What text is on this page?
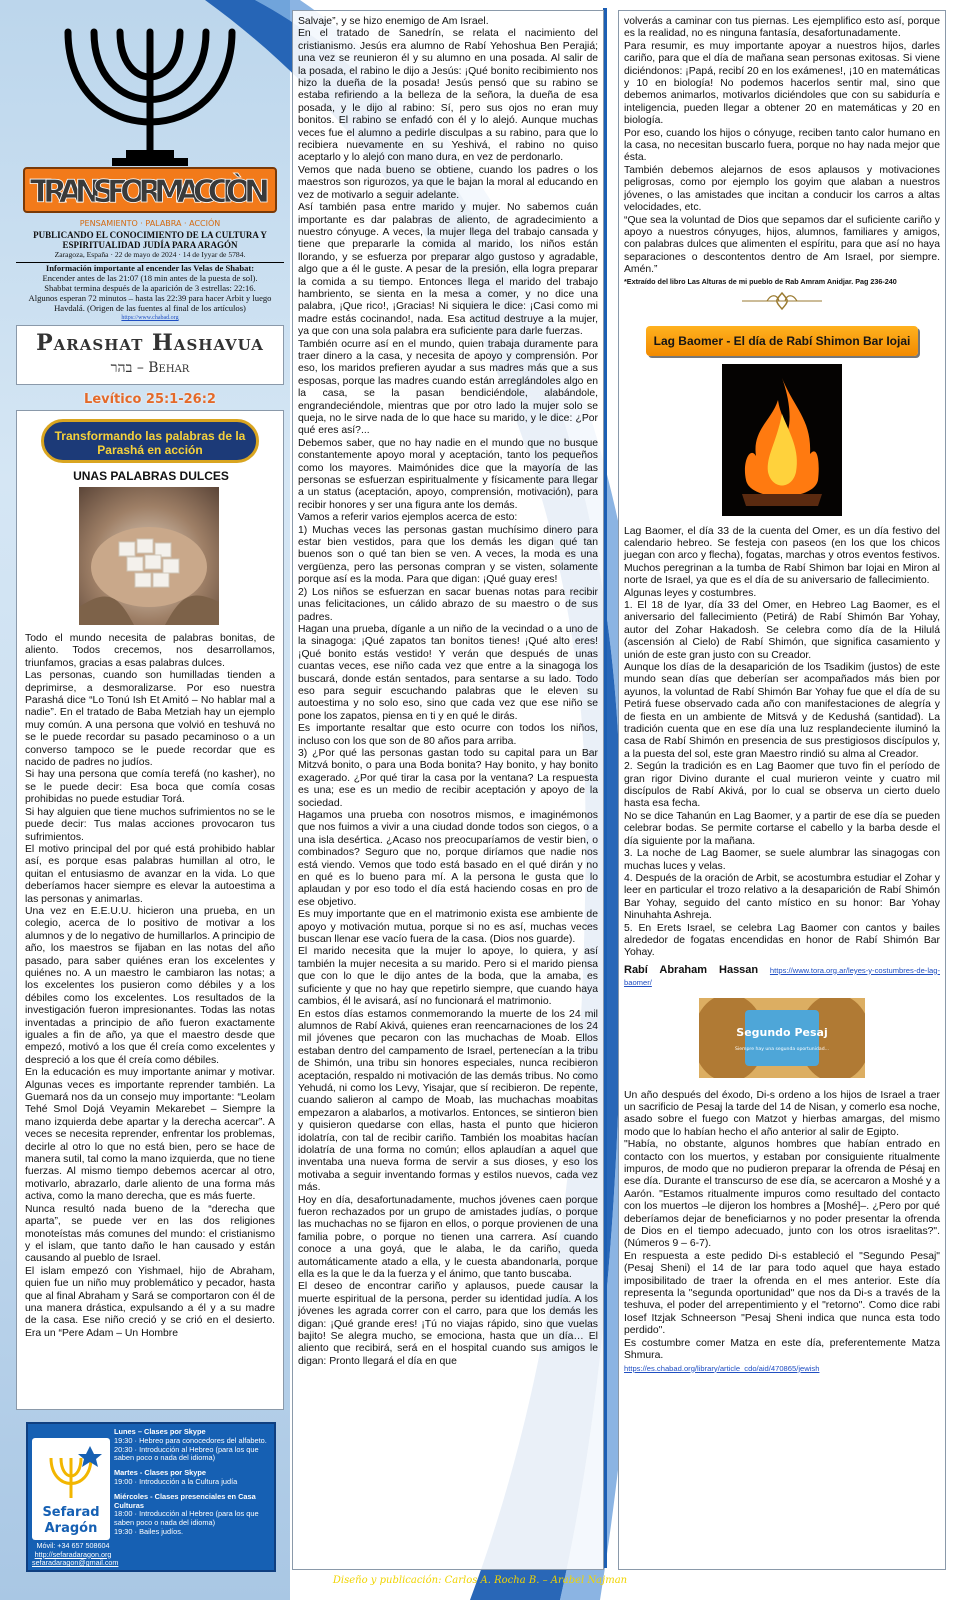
TRANSFORMACCIÒN
PENSAMIENTO · PALABRA · ACCIÓN
PUBLICANDO EL CONOCIMIENTO DE LA CULTURA Y ESPIRITUALIDAD JUDÍA PARA ARAGÓN
Zaragoza, España · 22 de mayo de 2024 · 14 de Iyyar de 5784.
Información importante al encender las Velas de Shabat:
Encender antes de las 21:07 (18 min antes de la puesta de sol).
Shabbat termina después de la aparición de 3 estrellas: 22:16.
Algunos esperan 72 minutos – hasta las 22:39 para hacer Arbit y luego Havdalá. (Origen de las fuentes al final de los artículos)
https://www.chabad.org
Parashat Hashavua
בהר – Behar
Levítico 25:1-26:2
Transformando las palabras de la Parashá en acción
UNAS PALABRAS DULCES

Todo el mundo necesita de palabras bonitas, de aliento. Todos crecemos, nos desarrollamos, triunfamos, gracias a esas palabras dulces.

Las personas, cuando son humilladas tienden a deprimirse, a desmoralizarse. Por eso nuestra Parashá dice “Lo Tonú Ish Et Amitó – No hablar mal a nadie”. En el tratado de Baba Metziah hay un ejemplo muy común. A una persona que volvió en teshuvá no se le puede recordar su pasado pecaminoso o a un converso tampoco se le puede recordar que es nacido de padres no judíos.

Si hay una persona que comía terefá (no kasher), no se le puede decir: Esa boca que comía cosas prohibidas no puede estudiar Torá.

Si hay alguien que tiene muchos sufrimientos no se le puede decir: Tus malas acciones provocaron tus sufrimientos.

El motivo principal del por qué está prohibido hablar así, es porque esas palabras humillan al otro, le quitan el entusiasmo de avanzar en la vida. Lo que deberíamos hacer siempre es elevar la autoestima a las personas y animarlas.

Una vez en E.E.U.U. hicieron una prueba, en un colegio, acerca de lo positivo de motivar a los alumnos y de lo negativo de humillarlos. A principio de año, los maestros se fijaban en las notas del año pasado, para saber quiénes eran los excelentes y quiénes no. A un maestro le cambiaron las notas; a los excelentes los pusieron como débiles y a los débiles como los excelentes. Los resultados de la investigación fueron impresionantes. Todas las notas inventadas a principio de año fueron exactamente iguales a fin de año, ya que el maestro desde que empezó, motivó a los que él creía como excelentes y despreció a los que él creía como débiles.

En la educación es muy importante animar y motivar. Algunas veces es importante reprender también. La Guemará nos da un consejo muy importante: “Leolam Tehé Smol Dojá Veyamin Mekarebet – Siempre la mano izquierda debe apartar y la derecha acercar”. A veces se necesita reprender, enfrentar los problemas, decirle al otro lo que no está bien, pero se hace de manera sutil, tal como la mano izquierda, que no tiene fuerzas. Al mismo tiempo debemos acercar al otro, motivarlo, abrazarlo, darle aliento de una forma más activa, como la mano derecha, que es más fuerte.

Nunca resultó nada bueno de la “derecha que aparta”, se puede ver en las dos religiones monoteístas más comunes del mundo: el cristianismo y el islam, que tanto daño le han causado y están causando al pueblo de Israel.

El islam empezó con Yishmael, hijo de Abraham, quien fue un niño muy problemático y pecador, hasta que al final Abraham y Sará se comportaron con él de una manera drástica, expulsando a él y a su madre de la casa. Ese niño creció y se crió en el desierto. Era un “Pere Adam – Un Hombre

Sefarad
Aragón
Lunes – Clases por Skype
19:30 · Hebreo para conocedores del alfabeto.
20:30 · Introducción al Hebreo (para los que saben poco o nada del idioma)
Martes - Clases por Skype
19:00 · Introducción a la Cultura judía
Miércoles - Clases presenciales en Casa Culturas
18:00 · Introducción al Hebreo (para los que saben poco o nada del idioma)
19:30 · Bailes judíos.
Móvil: +34 657 508604
http://sefaradaragon.org
sefaradaragon@gmail.com

Salvaje”, y se hizo enemigo de Am Israel.

En el tratado de Sanedrín, se relata el nacimiento del cristianismo. Jesús era alumno de Rabí Yehoshua Ben Perajiá; una vez se reunieron él y su alumno en una posada. Al salir de la posada, el rabino le dijo a Jesús: ¡Qué bonito recibimiento nos hizo la dueña de la posada! Jesús pensó que su rabino se estaba refiriendo a la belleza de la señora, la dueña de esa posada, y le dijo al rabino: Sí, pero sus ojos no eran muy bonitos. El rabino se enfadó con él y lo alejó. Aunque muchas veces fue el alumno a pedirle disculpas a su rabino, para que lo recibiera nuevamente en su Yeshivá, el rabino no quiso aceptarlo y lo alejó con mano dura, en vez de perdonarlo.

Vemos que nada bueno se obtiene, cuando los padres o los maestros son rigurozos, ya que le bajan la moral al educando en vez de motivarlo a seguir adelante.

Así también pasa entre marido y mujer. No sabemos cuán importante es dar palabras de aliento, de agradecimiento a nuestro cónyuge. A veces, la mujer llega del trabajo cansada y tiene que prepararle la comida al marido, los niños están llorando, y se esfuerza por preparar algo gustoso y agradable, algo que a él le guste. A pesar de la presión, ella logra preparar la comida a su tiempo. Entonces llega el marido del trabajo hambriento, se sienta en la mesa a comer, y no dice una palabra, ¡Que rico!, ¡Gracias! Ni siquiera le dice: ¡Casi como mi madre estás cocinando!, nada. Esa actitud destruye a la mujer, ya que con una sola palabra era suficiente para darle fuerzas.

También ocurre así en el mundo, quien trabaja duramente para traer dinero a la casa, y necesita de apoyo y comprensión. Por eso, los maridos prefieren ayudar a sus madres más que a sus esposas, porque las madres cuando están arreglándoles algo en la casa, se la pasan bendiciéndole, alabándole, engrandeciéndole, mientras que por otro lado la mujer solo se queja, no le sirve nada de lo que hace su marido, y le dice: ¿Por qué eres así?...

Debemos saber, que no hay nadie en el mundo que no busque constantemente apoyo moral y aceptación, tanto los pequeños como los mayores. Maimónides dice que la mayoría de las personas se esfuerzan espiritualmente y físicamente para llegar a un status (aceptación, apoyo, comprensión, motivación), para recibir honores y ser una figura ante los demás.

Vamos a referir varios ejemplos acerca de esto:

1) Muchas veces las personas gastan muchísimo dinero para estar bien vestidos, para que los demás les digan qué tan buenos son o qué tan bien se ven. A veces, la moda es una vergüenza, pero las personas compran y se visten, solamente porque así es la moda. Para que digan: ¡Qué guay eres!

2) Los niños se esfuerzan en sacar buenas notas para recibir unas felicitaciones, un cálido abrazo de su maestro o de sus padres.

Hagan una prueba, díganle a un niño de la vecindad o a uno de la sinagoga: ¡Qué zapatos tan bonitos tienes! ¡Qué alto eres! ¡Qué bonito estás vestido! Y verán que después de unas cuantas veces, ese niño cada vez que entre a la sinagoga los buscará, donde están sentados, para sentarse a su lado. Todo eso para seguir escuchando palabras que le eleven su autoestima y no solo eso, sino que cada vez que ese niño se pone los zapatos, piensa en ti y en qué le dirás.

Es importante resaltar que esto ocurre con todos los niños, incluso con los que son de 80 años para arriba.

3) ¿Por qué las personas gastan todo su capital para un Bar Mitzvá bonito, o para una Boda bonita? Hay bonito, y hay bonito exagerado. ¿Por qué tirar la casa por la ventana? La respuesta es una; ese es un medio de recibir aceptación y apoyo de la sociedad.

Hagamos una prueba con nosotros mismos, e imaginémonos que nos fuimos a vivir a una ciudad donde todos son ciegos, o a una isla desértica. ¿Acaso nos preocuparíamos de vestir bien, o combinados? Seguro que no, porque diríamos que nadie nos está viendo. Vemos que todo está basado en el qué dirán y no en qué es lo bueno para mí. A la persona le gusta que lo aplaudan y por eso todo el día está haciendo cosas en pro de ese objetivo.

Es muy importante que en el matrimonio exista ese ambiente de apoyo y motivación mutua, porque si no es así, muchas veces buscan llenar ese vacío fuera de la casa. (Dios nos guarde).

El marido necesita que la mujer lo apoye, lo quiera, y así también la mujer necesita a su marido. Pero si el marido piensa que con lo que le dijo antes de la boda, que la amaba, es suficiente y que no hay que repetirlo siempre, que cuando haya cambios, él le avisará, así no funcionará el matrimonio.

En estos días estamos conmemorando la muerte de los 24 mil alumnos de Rabí Akivá, quienes eran reencarnaciones de los 24 mil jóvenes que pecaron con las muchachas de Moab. Ellos estaban dentro del campamento de Israel, pertenecían a la tribu de Shimón, una tribu sin honores especiales, nunca recibieron aceptación, respaldo ni motivación de las demás tribus. No como Yehudá, ni como los Levy, Yisajar, que sí recibieron. De repente, cuando salieron al campo de Moab, las muchachas moabitas empezaron a alabarlos, a motivarlos. Entonces, se sintieron bien y quisieron quedarse con ellas, hasta el punto que hicieron idolatría, con tal de recibir cariño. También los moabitas hacían idolatría de una forma no común; ellos aplaudían a aquel que inventaba una nueva forma de servir a sus dioses, y eso los motivaba a seguir inventando formas y estilos nuevos, cada vez más.

Hoy en día, desafortunadamente, muchos jóvenes caen porque fueron rechazados por un grupo de amistades judías, o porque las muchachas no se fijaron en ellos, o porque provienen de una familia pobre, o porque no tienen una carrera. Así cuando conoce a una goyá, que le alaba, le da cariño, queda automáticamente atado a ella, y le cuesta abandonarla, porque ella es la que le da la fuerza y el ánimo, que tanto buscaba.

El deseo de encontrar cariño y aplausos, puede causar la muerte espiritual de la persona, perder su identidad judía. A los jóvenes les agrada correr con el carro, para que los demás les digan: ¡Qué grande eres! ¡Tú no viajas rápido, sino que vuelas bajito! Se alegra mucho, se emociona, hasta que un día… El aliento que recibirá, será en el hospital cuando sus amigos le digan: Pronto llegará el día en que

volverás a caminar con tus piernas. Les ejemplifico esto así, porque es la realidad, no es ninguna fantasía, desafortunadamente.

Para resumir, es muy importante apoyar a nuestros hijos, darles cariño, para que el día de mañana sean personas exitosas. Si viene diciéndonos: ¡Papá, recibí 20 en los exámenes!, ¡10 en matemáticas y 10 en biología! No podemos hacerlos sentir mal, sino que debemos animarlos, motivarlos diciéndoles que con su sabiduría e inteligencia, pueden llegar a obtener 20 en matemáticas y 20 en biología.

Por eso, cuando los hijos o cónyuge, reciben tanto calor humano en la casa, no necesitan buscarlo fuera, porque no hay nada mejor que ésta.

También debemos alejarnos de esos aplausos y motivaciones peligrosas, como por ejemplo los goyim que alaban a nuestros jóvenes, o las amistades que incitan a conducir los carros a altas velocidades, etc.

“Que sea la voluntad de Dios que sepamos dar el suficiente cariño y apoyo a nuestros cónyuges, hijos, alumnos, familiares y amigos, con palabras dulces que alimenten el espíritu, para que así no haya separaciones o descontentos dentro de Am Israel, por siempre. Amén.”

*Extraído del libro Las Alturas de mi pueblo de Rab Amram Anidjar. Pag 236-240
Lag Baomer - El día de Rabí Shimon Bar Iojai

Lag Baomer, el día 33 de la cuenta del Omer, es un día festivo del calendario hebreo. Se festeja con paseos (en los que los chicos juegan con arco y flecha), fogatas, marchas y otros eventos festivos. Muchos peregrinan a la tumba de Rabí Shimon bar Iojai en Miron al norte de Israel, ya que es el día de su aniversario de fallecimiento.

Algunas leyes y costumbres.

1. El 18 de Iyar, día 33 del Omer, en Hebreo Lag Baomer, es el aniversario del fallecimiento (Petirá) de Rabí Shimón Bar Yohay, autor del Zohar Hakadosh. Se celebra como día de la Hilulá (ascensión al Cielo) de Rabí Shimón, que significa casamiento y unión de este gran justo con su Creador.

Aunque los días de la desaparición de los Tsadikim (justos) de este mundo sean días que deberían ser acompañados más bien por ayunos, la voluntad de Rabí Shimón Bar Yohay fue que el día de su Petirá fuese observado cada año con manifestaciones de alegría y de fiesta en un ambiente de Mitsvá y de Kedushá (santidad). La tradición cuenta que en ese día una luz resplandeciente iluminó la casa de Rabí Shimón en presencia de sus prestigiosos discípulos y, a la puesta del sol, este gran Maestro rindió su alma al Creador.

2. Según la tradición es en Lag Baomer que tuvo fin el período de gran rigor Divino durante el cual murieron veinte y cuatro mil discípulos de Rabí Akivá, por lo cual se observa un cierto duelo hasta esa fecha.

No se dice Tahanún en Lag Baomer, y a partir de ese día se pueden celebrar bodas. Se permite cortarse el cabello y la barba desde el día siguiente por la mañana.

3. La noche de Lag Baomer, se suele alumbrar las sinagogas con muchas luces y velas.

4. Después de la oración de Arbit, se acostumbra estudiar el Zohar y leer en particular el trozo relativo a la desaparición de Rabí Shimón Bar Yohay, seguido del canto místico en su honor: Bar Yohay Ninuhahta Ashreja.

5. En Erets Israel, se celebra Lag Baomer con cantos y bailes alrededor de fogatas encendidas en honor de Rabí Shimón Bar Yohay.

Rabí Abraham Hassan https://www.tora.org.ar/leyes-y-costumbres-de-lag-baomer/
Segundo Pesaj
Siempre hay una segunda oportunidad...

Un año después del éxodo, Di-s ordeno a los hijos de Israel a traer un sacrificio de Pesaj la tarde del 14 de Nisan, y comerlo esa noche, asado sobre el fuego con Matzot y hierbas amargas, del mismo modo que lo habían hecho el año anterior al salir de Egipto.

"Había, no obstante, algunos hombres que habían entrado en contacto con los muertos, y estaban por consiguiente ritualmente impuros, de modo que no pudieron preparar la ofrenda de Pésaj en ese día. Durante el transcurso de ese día, se acercaron a Moshé y a Aarón. "Estamos ritualmente impuros como resultado del contacto con los muertos –le dijeron los hombres a [Moshé]–. ¿Pero por qué deberíamos dejar de beneficiarnos y no poder presentar la ofrenda de Dios en el tiempo adecuado, junto con los otros israelitas?". (Números 9 – 6-7).

En respuesta a este pedido Di-s estableció el "Segundo Pesaj" (Pesaj Sheni) el 14 de Iar para todo aquel que haya estado imposibilitado de traer la ofrenda en el mes anterior. Este día representa la "segunda oportunidad" que nos da Di-s a través de la teshuva, el poder del arrepentimiento y el "retorno". Como dice rabi Iosef Itzjak Schneerson "Pesaj Sheni indica que nunca esta todo perdido".

Es costumbre comer Matza en este día, preferentemente Matza Shmura.

https://es.chabad.org/library/article_cdo/aid/470865/jewish
Diseño y publicación: Carlos A. Rocha B. – Arabel Najman
